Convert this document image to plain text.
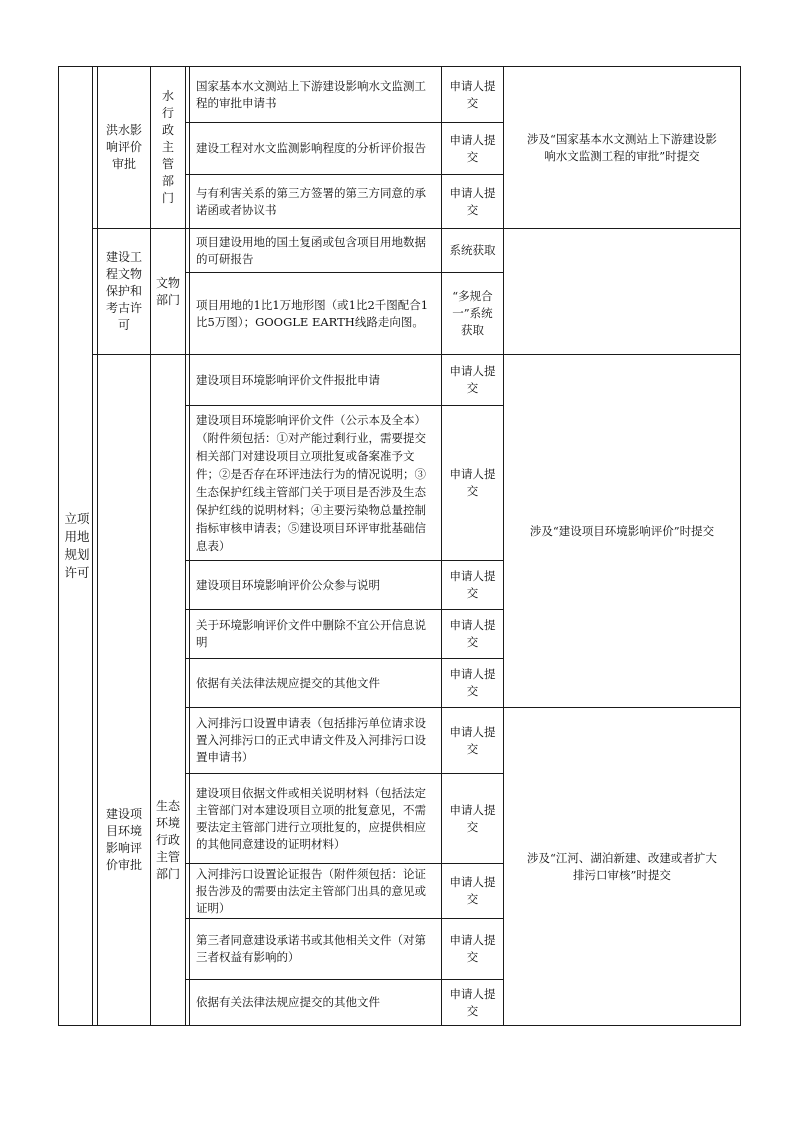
立项用地规划许可
洪水影响评价审批
水行政主管部门
国家基本水文测站上下游建设影响水文监测工程的审批申请书
申请人提交
建设工程对水文监测影响程度的分析评价报告
申请人提交
与有利害关系的第三方签署的第三方同意的承诺函或者协议书
申请人提交
涉及“国家基本水文测站上下游建设影响水文监测工程的审批”时提交
建设工程文物保护和考古许可
文物部门
项目建设用地的国土复函或包含项目用地数据的可研报告
系统获取
项目用地的1比1万地形图（或1比2千图配合1比5万图）；GOOGLE EARTH线路走向图。
“多规合一”系统获取
建设项目环境影响评价审批
生态环境行政主管部门
建设项目环境影响评价文件报批申请
申请人提交
建设项目环境影响评价文件（公示本及全本）（附件须包括：①对产能过剩行业，需要提交相关部门对建设项目立项批复或备案准予文件；②是否存在环评违法行为的情况说明；③生态保护红线主管部门关于项目是否涉及生态保护红线的说明材料；④主要污染物总量控制指标审核申请表；⑤建设项目环评审批基础信息表）
申请人提交
建设项目环境影响评价公众参与说明
申请人提交
关于环境影响评价文件中删除不宜公开信息说明
申请人提交
依据有关法律法规应提交的其他文件
申请人提交
入河排污口设置申请表（包括排污单位请求设置入河排污口的正式申请文件及入河排污口设置申请书）
申请人提交
建设项目依据文件或相关说明材料（包括法定主管部门对本建设项目立项的批复意见，不需要法定主管部门进行立项批复的，应提供相应的其他同意建设的证明材料）
申请人提交
入河排污口设置论证报告（附件须包括：论证报告涉及的需要由法定主管部门出具的意见或证明）
申请人提交
第三者同意建设承诺书或其他相关文件（对第三者权益有影响的）
申请人提交
依据有关法律法规应提交的其他文件
申请人提交
涉及“建设项目环境影响评价”时提交
涉及“江河、湖泊新建、改建或者扩大排污口审核”时提交
